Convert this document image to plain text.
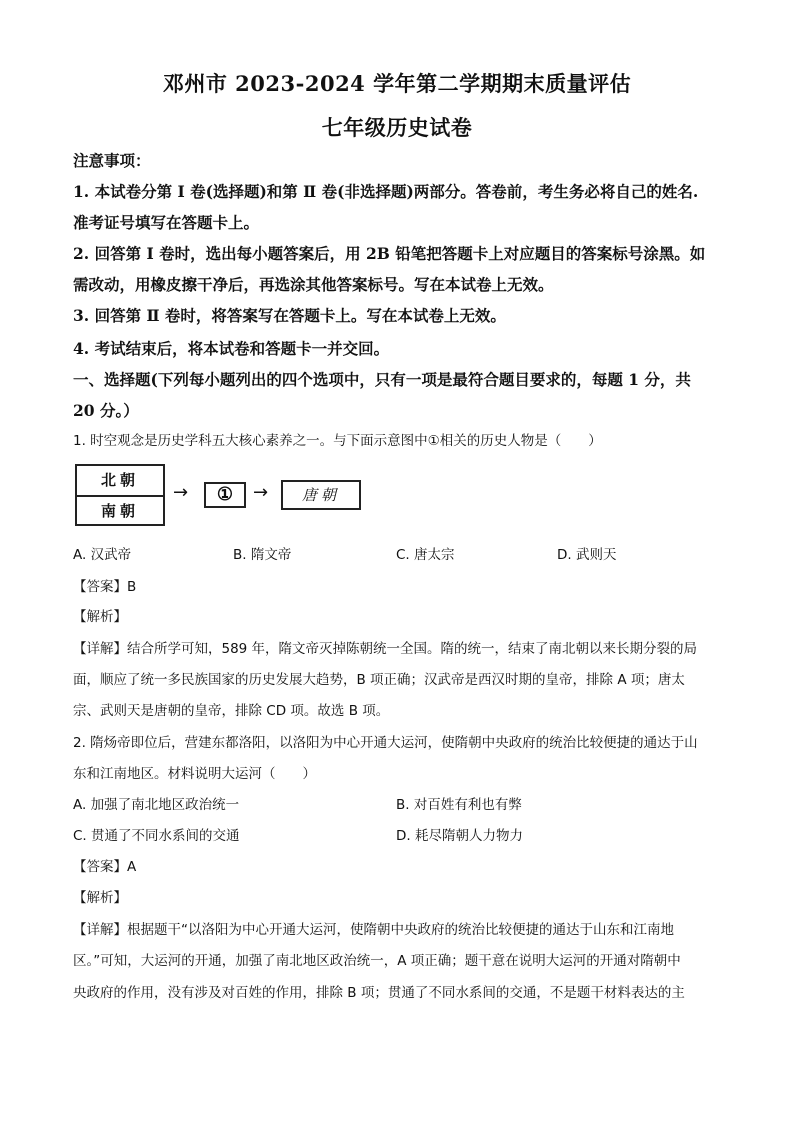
邓州市 2023-2024 学年第二学期期末质量评估
七年级历史试卷
注意事项：
1. 本试卷分第 Ⅰ 卷(选择题)和第 Ⅱ 卷(非选择题)两部分。答卷前，考生务必将自己的姓名.
准考证号填写在答题卡上。
2. 回答第 Ⅰ 卷时，选出每小题答案后，用 2B 铅笔把答题卡上对应题目的答案标号涂黑。如
需改动，用橡皮擦干净后，再选涂其他答案标号。写在本试卷上无效。
3. 回答第 Ⅱ 卷时，将答案写在答题卡上。写在本试卷上无效。
4. 考试结束后，将本试卷和答题卡一并交回。
一、选择题(下列每小题列出的四个选项中，只有一项是最符合题目要求的，每题 1 分，共
20 分。）
1. 时空观念是历史学科五大核心素养之一。与下面示意图中①相关的历史人物是（　　）
北朝
南朝
→	①	→	唐朝
A. 汉武帝	B. 隋文帝	C. 唐太宗	D. 武则天
【答案】B
【解析】
【详解】结合所学可知，589 年，隋文帝灭掉陈朝统一全国。隋的统一，结束了南北朝以来长期分裂的局
面，顺应了统一多民族国家的历史发展大趋势，B 项正确；汉武帝是西汉时期的皇帝，排除 A 项；唐太
宗、武则天是唐朝的皇帝，排除 CD 项。故选 B 项。
2. 隋炀帝即位后，营建东都洛阳，以洛阳为中心开通大运河，使隋朝中央政府的统治比较便捷的通达于山
东和江南地区。材料说明大运河（　　）
A. 加强了南北地区政治统一	B. 对百姓有利也有弊
C. 贯通了不同水系间的交通	D. 耗尽隋朝人力物力
【答案】A
【解析】
【详解】根据题干“以洛阳为中心开通大运河，使隋朝中央政府的统治比较便捷的通达于山东和江南地
区。”可知，大运河的开通，加强了南北地区政治统一，A 项正确；题干意在说明大运河的开通对隋朝中
央政府的作用，没有涉及对百姓的作用，排除 B 项；贯通了不同水系间的交通，不是题干材料表达的主
